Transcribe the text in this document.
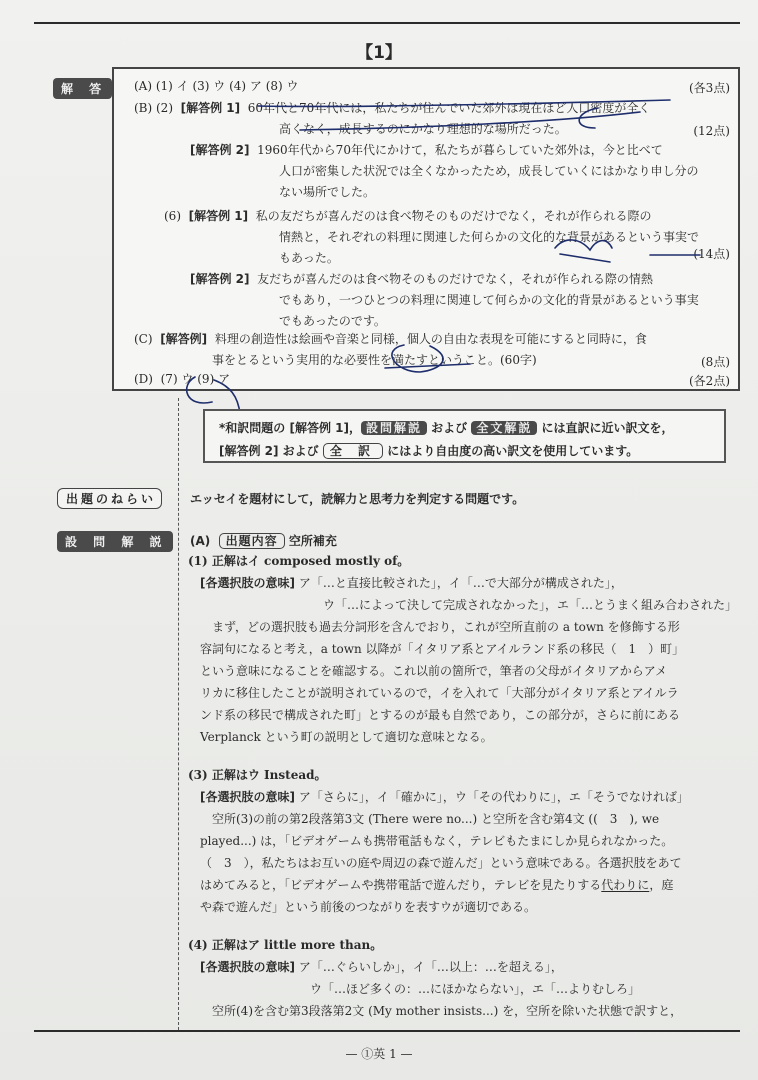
【1】
解 答	(A) (1) イ (3) ウ (4) ア (8) ウ	(各3点)
(B) (2) [解答例 1] 60年代と70年代には，私たちが住んでいた郊外は現在ほど人口密度が全く
高くなく，成長するのにかなり理想的な場所だった。	(12点)
[解答例 2] 1960年代から70年代にかけて，私たちが暮らしていた郊外は，今と比べて
人口が密集した状況では全くなかったため，成長していくにはかなり申し分の
ない場所でした。
(6) [解答例 1] 私の友だちが喜んだのは食べ物そのものだけでなく，それが作られる際の
情熱と，それぞれの料理に関連した何らかの文化的な背景があるという事実で
もあった。	(14点)
[解答例 2] 友だちが喜んだのは食べ物そのものだけでなく，それが作られる際の情熱
でもあり，一つひとつの料理に関連して何らかの文化的背景があるという事実
でもあったのです。
(C) [解答例] 料理の創造性は絵画や音楽と同様，個人の自由な表現を可能にすると同時に，食
事をとるという実用的な必要性を満たすということ。(60字)	(8点)
(D) (7) ウ (9) ア	(各2点)
*和訳問題の [解答例 1]， 設問解説 および 全文解説 には直訳に近い訳文を，
[解答例 2] および 全 訳 にはより自由度の高い訳文を使用しています。
出題のねらい	エッセイを題材にして，読解力と思考力を判定する問題です。
設 問 解 説	(A) 出題内容 空所補充
(1) 正解はイ composed mostly of。
[各選択肢の意味] ア「…と直接比較された」，イ「…で大部分が構成された」，
ウ「…によって決して完成されなかった」，エ「…とうまく組み合わされた」
　まず，どの選択肢も過去分詞形を含んでおり，これが空所直前の a town を修飾する形
容詞句になると考え，a town 以降が「イタリア系とアイルランド系の移民（　1　）町」
という意味になることを確認する。これ以前の箇所で，筆者の父母がイタリアからアメ
リカに移住したことが説明されているので，イを入れて「大部分がイタリア系とアイルラ
ンド系の移民で構成された町」とするのが最も自然であり，この部分が，さらに前にある
Verplanck という町の説明として適切な意味となる。
(3) 正解はウ Instead。
[各選択肢の意味] ア「さらに」，イ「確かに」，ウ「その代わりに」，エ「そうでなければ」
　空所(3)の前の第2段落第3文 (There were no...) と空所を含む第4文 ((　3　), we
played...) は，「ビデオゲームも携帯電話もなく，テレビもたまにしか見られなかった。
（　3　），私たちはお互いの庭や周辺の森で遊んだ」という意味である。各選択肢をあて
はめてみると，「ビデオゲームや携帯電話で遊んだり，テレビを見たりする代わりに，庭
や森で遊んだ」という前後のつながりを表すウが適切である。
(4) 正解はア little more than。
[各選択肢の意味] ア「…ぐらいしか」，イ「…以上：…を超える」，
ウ「…ほど多くの：…にほかならない」，エ「…よりむしろ」
　空所(4)を含む第3段落第2文 (My mother insists...) を，空所を除いた状態で訳すと，
— ①英 1 —
